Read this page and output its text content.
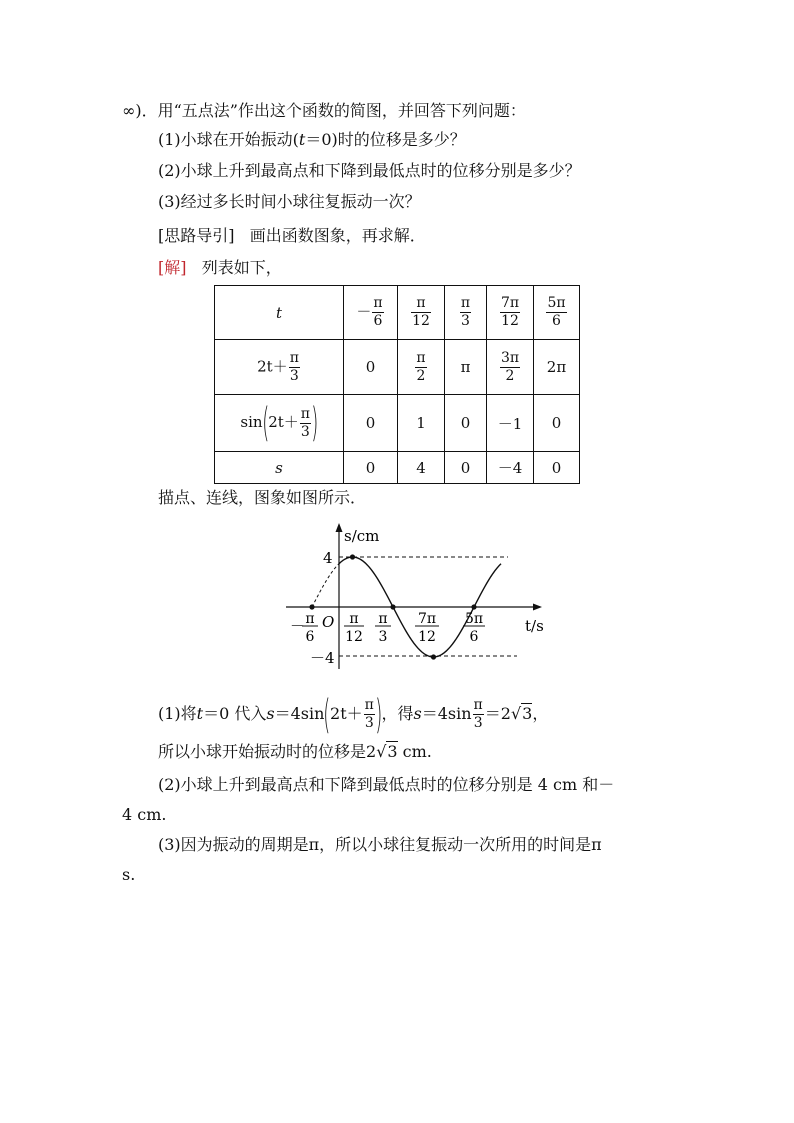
∞)．用“五点法”作出这个函数的简图，并回答下列问题：
(1)小球在开始振动(t＝0)时的位移是多少？
(2)小球上升到最高点和下降到最低点时的位移分别是多少？
(3)经过多长时间小球往复振动一次？
[思路导引] 画出函数图象，再求解．
[解] 列表如下，
t	－ $\frac{\pi}{6}$	$\frac{\pi}{12}$	$\frac{\pi}{3}$	$\frac{7\pi}{12}$	$\frac{5\pi}{6}$

$2t+ \frac{\pi}{3}$	0	$\frac{\pi}{2}$	π	$\frac{3\pi}{2}$	2π
$\sin(2t+ \frac{\pi}{3}$ )	0	1	0	－1	0
s	0	4	0	－4	0
描点、连线，图象如图所示．
s/cm
t/s
O
4
－4
－ π
6
π
12
π
3
7π
12
5π
6
(1)将t＝0 代入$s=4\sin(2t+ \frac{\pi}{3}$ )，得$s=4\sin \frac{\pi}{3} =2√3$，
所以小球开始振动时的位移是2√3 cm.
(2)小球上升到最高点和下降到最低点时的位移分别是 4 cm 和－
4 cm.
(3)因为振动的周期是π，所以小球往复振动一次所用的时间是π
s.
